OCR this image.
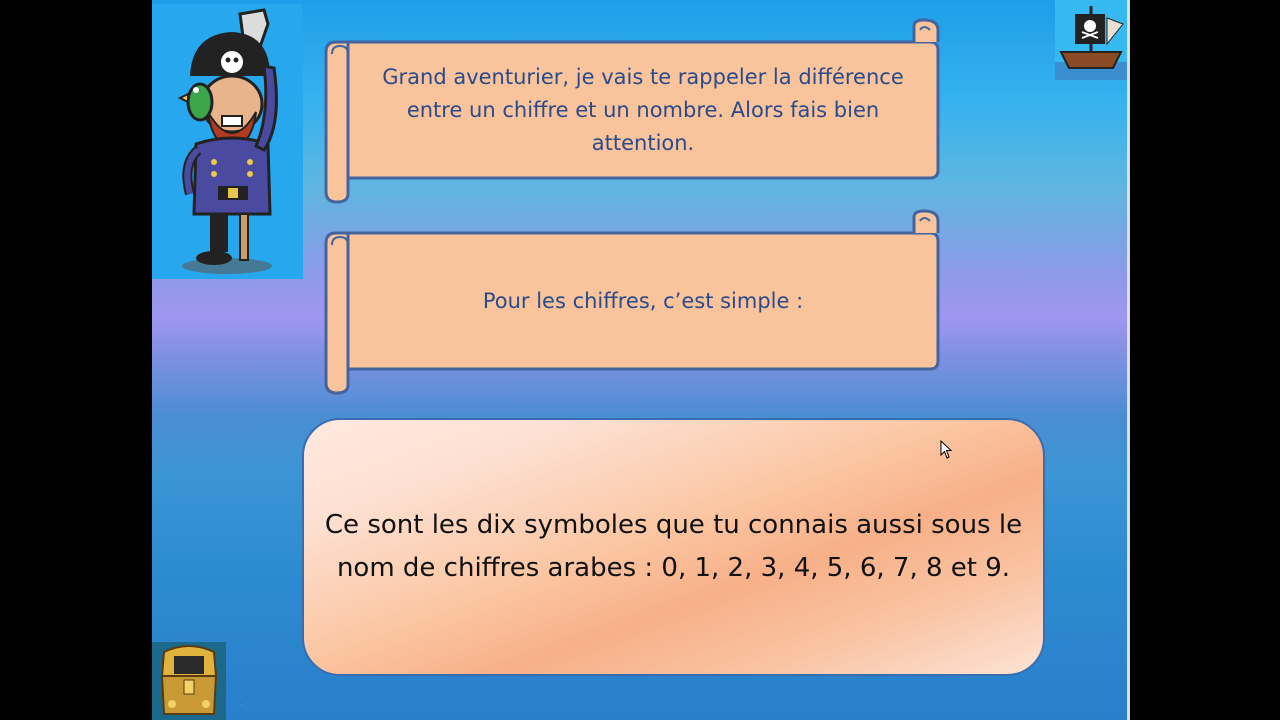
Grand aventurier, je vais te rappeler la différence entre un chiffre et un nombre. Alors fais bien attention.
Pour les chiffres, c’est simple :
Ce sont les dix symboles que tu connais aussi sous le nom de chiffres arabes : 0, 1, 2, 3, 4, 5, 6, 7, 8 et 9.
➪
